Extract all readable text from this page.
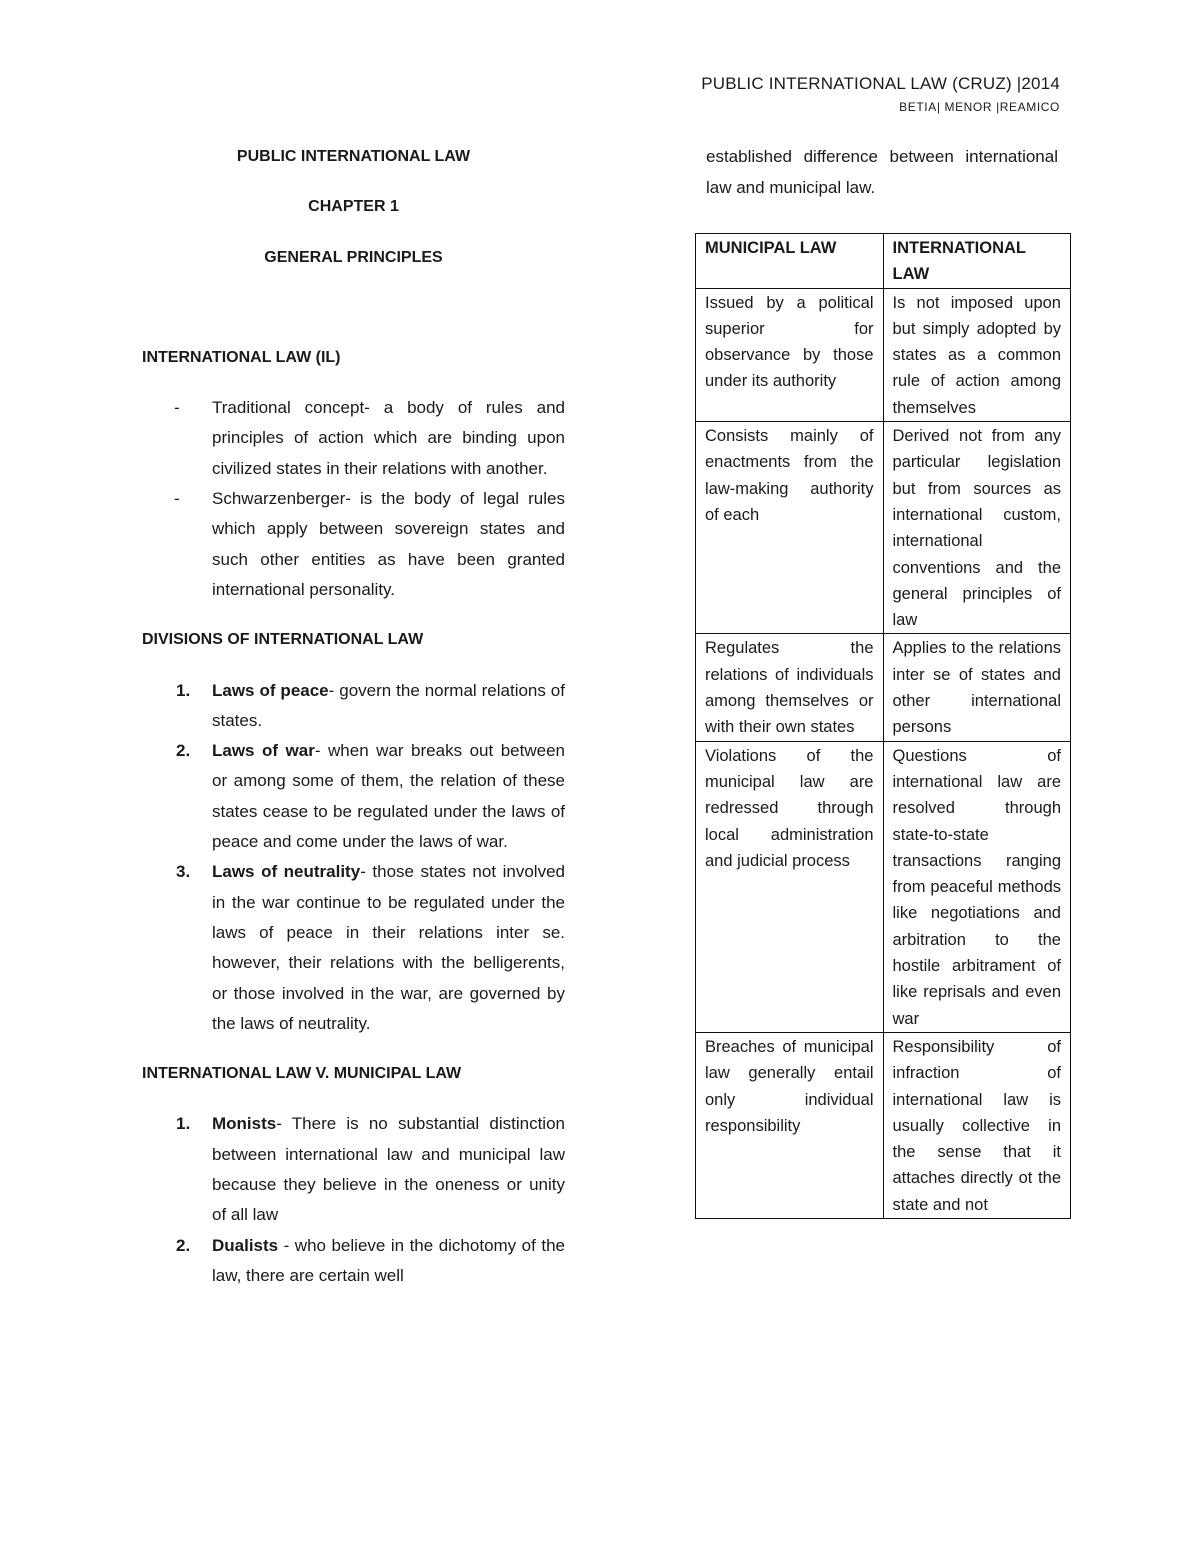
PUBLIC INTERNATIONAL LAW (CRUZ) |2014
BETIA| MENOR |REAMICO

PUBLIC INTERNATIONAL LAW

CHAPTER 1

GENERAL PRINCIPLES

INTERNATIONAL LAW (IL)

- Traditional concept- a body of rules and principles of action which are binding upon civilized states in their relations with another.
- Schwarzenberger- is the body of legal rules which apply between sovereign states and such other entities as have been granted international personality.

DIVISIONS OF INTERNATIONAL LAW

1. Laws of peace- govern the normal relations of states.
2. Laws of war- when war breaks out between or among some of them, the relation of these states cease to be regulated under the laws of peace and come under the laws of war.
3. Laws of neutrality- those states not involved in the war continue to be regulated under the laws of peace in their relations inter se. however, their relations with the belligerents, or those involved in the war, are governed by the laws of neutrality.

INTERNATIONAL LAW V. MUNICIPAL LAW

1. Monists- There is no substantial distinction between international law and municipal law because they believe in the oneness or unity of all law
2. Dualists - who believe in the dichotomy of the law, there are certain well

established difference between international law and municipal law.

MUNICIPAL LAW	INTERNATIONAL LAW
Issued by a political superior for observance by those under its authority	Is not imposed upon but simply adopted by states as a common rule of action among themselves
Consists mainly of enactments from the law-making authority of each	Derived not from any particular legislation but from sources as international custom, international conventions and the general principles of law
Regulates the relations of individuals among themselves or with their own states	Applies to the relations inter se of states and other international persons
Violations of the municipal law are redressed through local administration and judicial process	Questions of international law are resolved through state-to-state transactions ranging from peaceful methods like negotiations and arbitration to the hostile arbitrament of like reprisals and even war
Breaches of municipal law generally entail only individual responsibility	Responsibility of infraction of international law is usually collective in the sense that it attaches directly ot the state and not
